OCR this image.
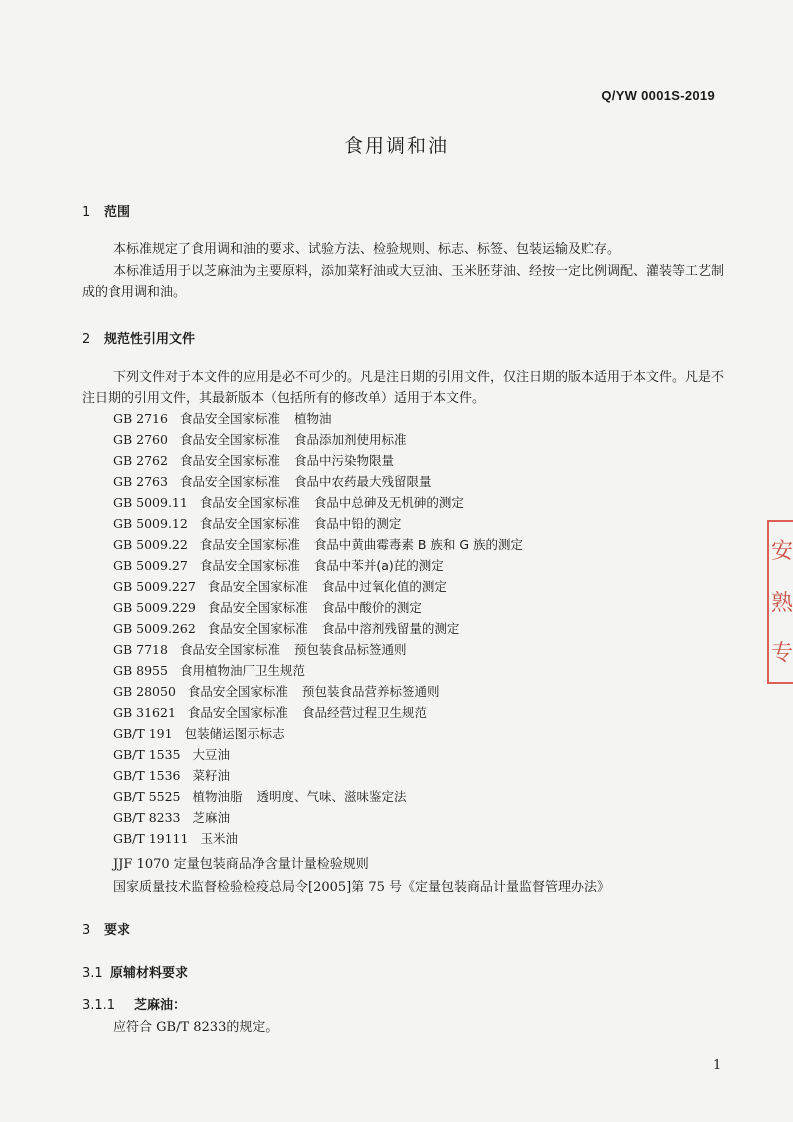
Q/YW 0001S-2019
食用调和油
1 范围
本标准规定了食用调和油的要求、试验方法、检验规则、标志、标签、包装运输及贮存。
本标准适用于以芝麻油为主要原料，添加菜籽油或大豆油、玉米胚芽油、经按一定比例调配、灌装等工艺制成的食用调和油。
2 规范性引用文件
下列文件对于本文件的应用是必不可少的。凡是注日期的引用文件，仅注日期的版本适用于本文件。凡是不注日期的引用文件，其最新版本（包括所有的修改单）适用于本文件。
GB 2716 食品安全国家标准 植物油
GB 2760 食品安全国家标准 食品添加剂使用标准
GB 2762 食品安全国家标准 食品中污染物限量
GB 2763 食品安全国家标准 食品中农药最大残留限量
GB 5009.11 食品安全国家标准 食品中总砷及无机砷的测定
GB 5009.12 食品安全国家标准 食品中铅的测定
GB 5009.22 食品安全国家标准 食品中黄曲霉毒素 B 族和 G 族的测定
GB 5009.27 食品安全国家标准 食品中苯并(a)芘的测定
GB 5009.227 食品安全国家标准 食品中过氧化值的测定
GB 5009.229 食品安全国家标准 食品中酸价的测定
GB 5009.262 食品安全国家标准 食品中溶剂残留量的测定
GB 7718 食品安全国家标准 预包装食品标签通则
GB 8955 食用植物油厂卫生规范
GB 28050 食品安全国家标准 预包装食品营养标签通则
GB 31621 食品安全国家标准 食品经营过程卫生规范
GB/T 191 包装储运图示标志
GB/T 1535 大豆油
GB/T 1536 菜籽油
GB/T 5525 植物油脂 透明度、气味、滋味鉴定法
GB/T 8233 芝麻油
GB/T 19111 玉米油
JJF 1070 定量包装商品净含量计量检验规则
国家质量技术监督检验检疫总局令[2005]第 75 号《定量包装商品计量监督管理办法》
3 要求
3.1 原辅材料要求
3.1.1 芝麻油：
应符合 GB/T 8233的规定。
1
安
熟
专
